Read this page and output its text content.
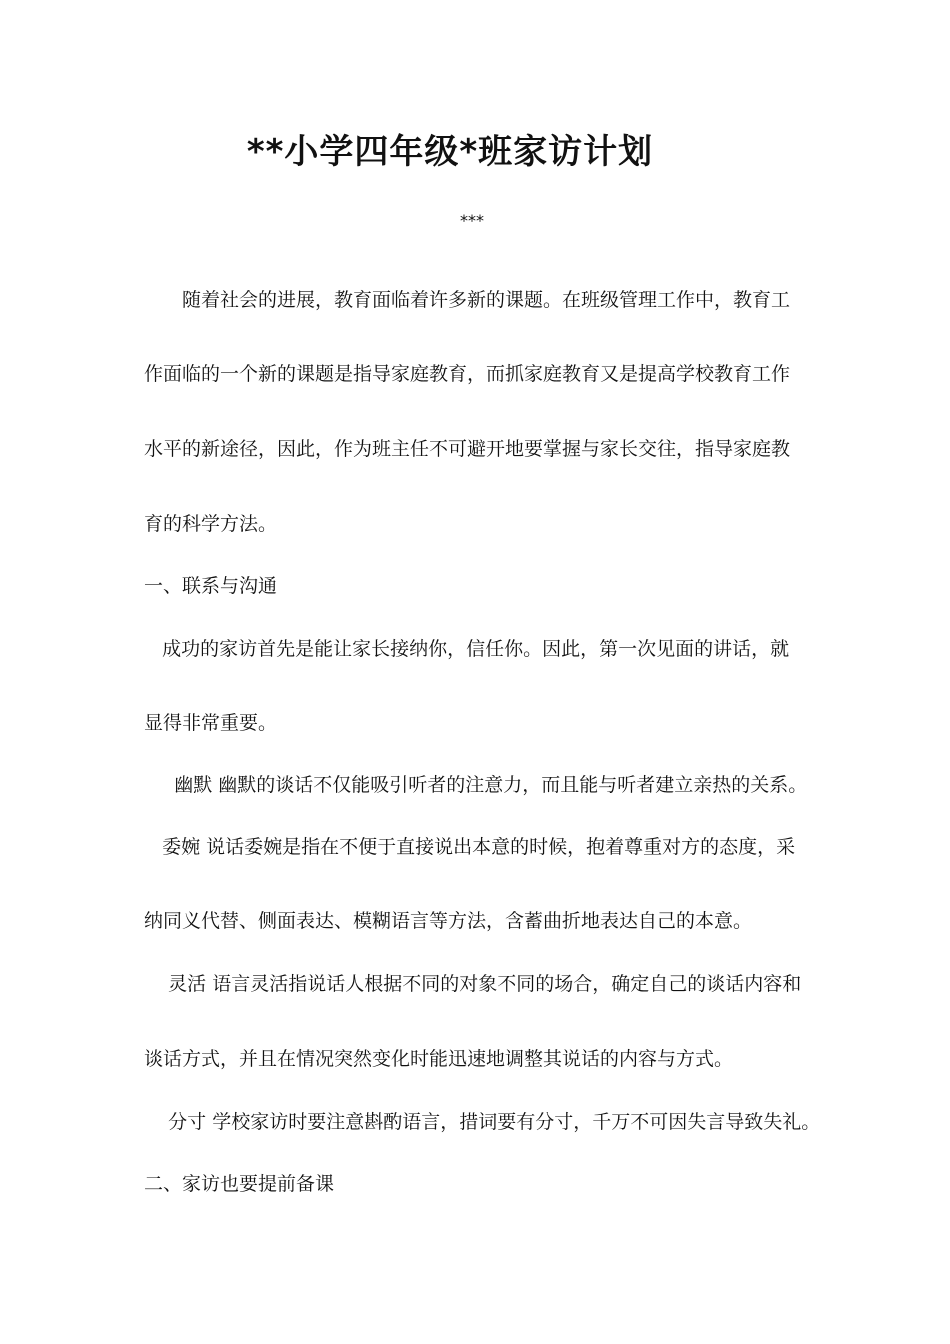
**小学四年级*班家访计划
***
　　随着社会的进展，教育面临着许多新的课题。在班级管理工作中，教育工
作面临的一个新的课题是指导家庭教育，而抓家庭教育又是提高学校教育工作
水平的新途径，因此，作为班主任不可避开地要掌握与家长交往，指导家庭教
育的科学方法。
一、联系与沟通
成功的家访首先是能让家长接纳你，信任你。因此，第一次见面的讲话，就
显得非常重要。
幽默 幽默的谈话不仅能吸引听者的注意力，而且能与听者建立亲热的关系。
委婉 说话委婉是指在不便于直接说出本意的时候，抱着尊重对方的态度，采
纳同义代替、侧面表达、模糊语言等方法，含蓄曲折地表达自己的本意。
灵活 语言灵活指说话人根据不同的对象不同的场合，确定自己的谈话内容和
谈话方式，并且在情况突然变化时能迅速地调整其说话的内容与方式。
分寸 学校家访时要注意斟酌语言，措词要有分寸，千万不可因失言导致失礼。
二、家访也要提前备课
